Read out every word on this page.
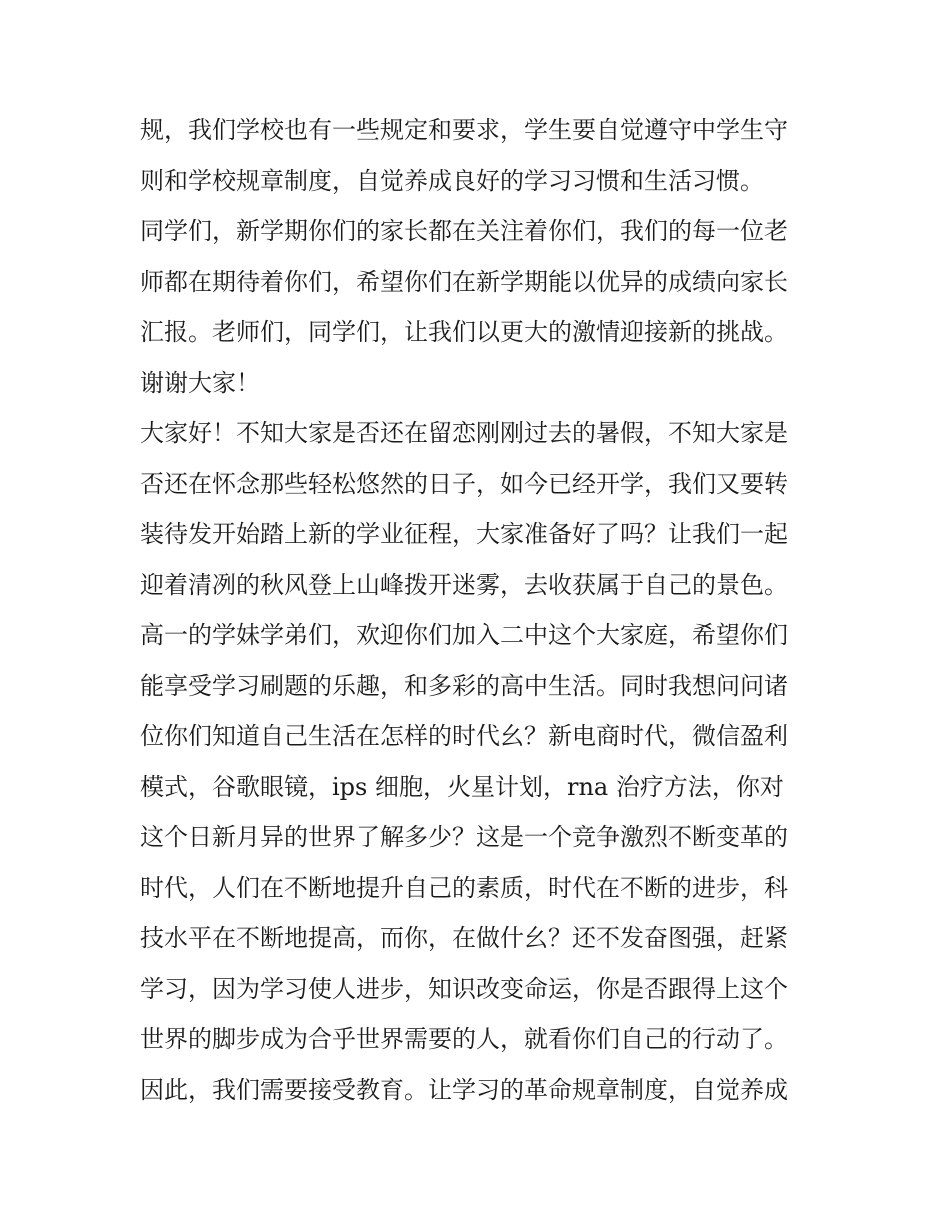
规，我们学校也有一些规定和要求，学生要自觉遵守中学生守
则和学校规章制度，自觉养成良好的学习习惯和生活习惯。
同学们，新学期你们的家长都在关注着你们，我们的每一位老
师都在期待着你们，希望你们在新学期能以优异的成绩向家长
汇报。老师们，同学们，让我们以更大的激情迎接新的挑战。
谢谢大家！
大家好！不知大家是否还在留恋刚刚过去的暑假，不知大家是
否还在怀念那些轻松悠然的日子，如今已经开学，我们又要转
装待发开始踏上新的学业征程，大家准备好了吗？让我们一起
迎着清冽的秋风登上山峰拨开迷雾，去收获属于自己的景色。
高一的学妹学弟们，欢迎你们加入二中这个大家庭，希望你们
能享受学习刷题的乐趣，和多彩的高中生活。同时我想问问诸
位你们知道自己生活在怎样的时代幺？新电商时代，微信盈利
模式，谷歌眼镜，ips 细胞，火星计划，rna 治疗方法，你对
这个日新月异的世界了解多少？这是一个竞争激烈不断变革的
时代，人们在不断地提升自己的素质，时代在不断的进步，科
技水平在不断地提高，而你，在做什幺？还不发奋图强，赶紧
学习，因为学习使人进步，知识改变命运，你是否跟得上这个
世界的脚步成为合乎世界需要的人，就看你们自己的行动了。
因此，我们需要接受教育。让学习的革命规章制度，自觉养成
